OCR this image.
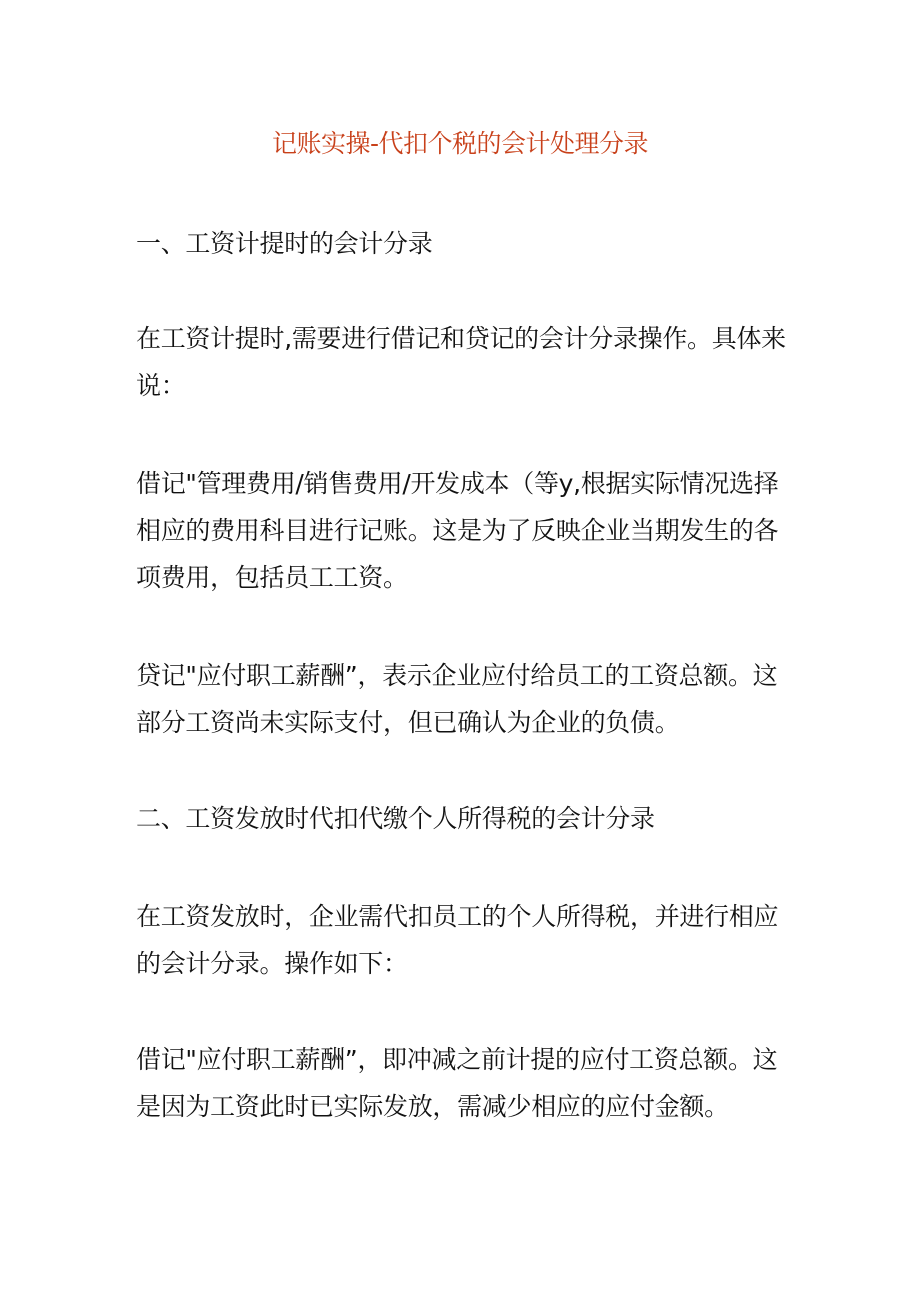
记账实操-代扣个税的会计处理分录
一、工资计提时的会计分录
在工资计提时,需要进行借记和贷记的会计分录操作。具体来
说：
借记"管理费用/销售费用/开发成本（等y,根据实际情况选择
相应的费用科目进行记账。这是为了反映企业当期发生的各
项费用，包括员工工资。
贷记"应付职工薪酬”，表示企业应付给员工的工资总额。这
部分工资尚未实际支付，但已确认为企业的负债。
二、工资发放时代扣代缴个人所得税的会计分录
在工资发放时，企业需代扣员工的个人所得税，并进行相应
的会计分录。操作如下：
借记"应付职工薪酬”，即冲减之前计提的应付工资总额。这
是因为工资此时已实际发放，需减少相应的应付金额。
